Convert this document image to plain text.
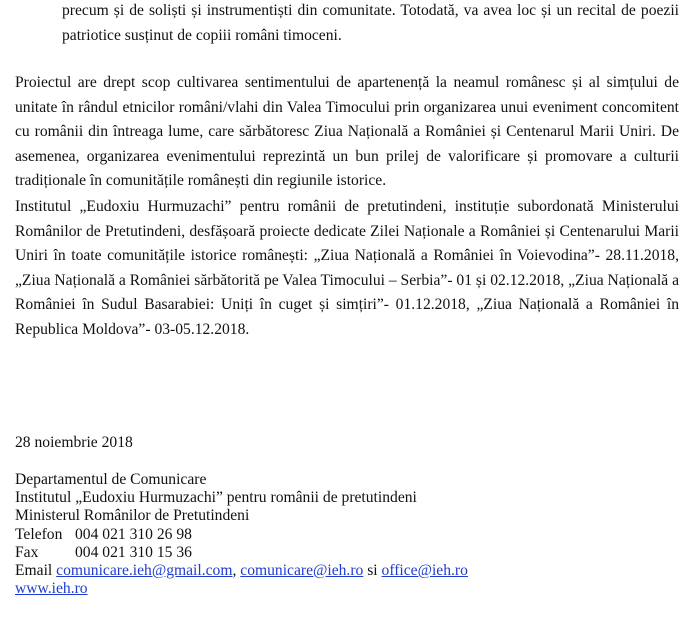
precum și de soliști și instrumentiști din comunitate. Totodată, va avea loc și un recital de poezii patriotice susținut de copiii români timoceni.

Proiectul are drept scop cultivarea sentimentului de apartenență la neamul românesc și al simțului de unitate în rândul etnicilor români/vlahi din Valea Timocului prin organizarea unui eveniment concomitent cu românii din întreaga lume, care sărbătoresc Ziua Națională a României și Centenarul Marii Uniri. De asemenea, organizarea evenimentului reprezintă un bun prilej de valorificare și promovare a culturii tradiționale în comunitățile românești din regiunile istorice.

Institutul „Eudoxiu Hurmuzachi” pentru românii de pretutindeni, instituție subordonată Ministerului Românilor de Pretutindeni, desfășoară proiecte dedicate Zilei Naționale a României și Centenarului Marii Uniri în toate comunitățile istorice românești: „Ziua Națională a României în Voievodina”- 28.11.2018, „Ziua Națională a României sărbătorită pe Valea Timocului – Serbia”- 01 și 02.12.2018, „Ziua Națională a României în Sudul Basarabiei: Uniți în cuget și simțiri”- 01.12.2018, „Ziua Națională a României în Republica Moldova”- 03-05.12.2018.

28 noiembrie 2018
Departamentul de Comunicare
Institutul „Eudoxiu Hurmuzachi” pentru românii de pretutindeni
Ministerul Românilor de Pretutindeni
Telefon 004 021 310 26 98
Fax 004 021 310 15 36
Email comunicare.ieh@gmail.com, comunicare@ieh.ro si office@ieh.ro
www.ieh.ro
